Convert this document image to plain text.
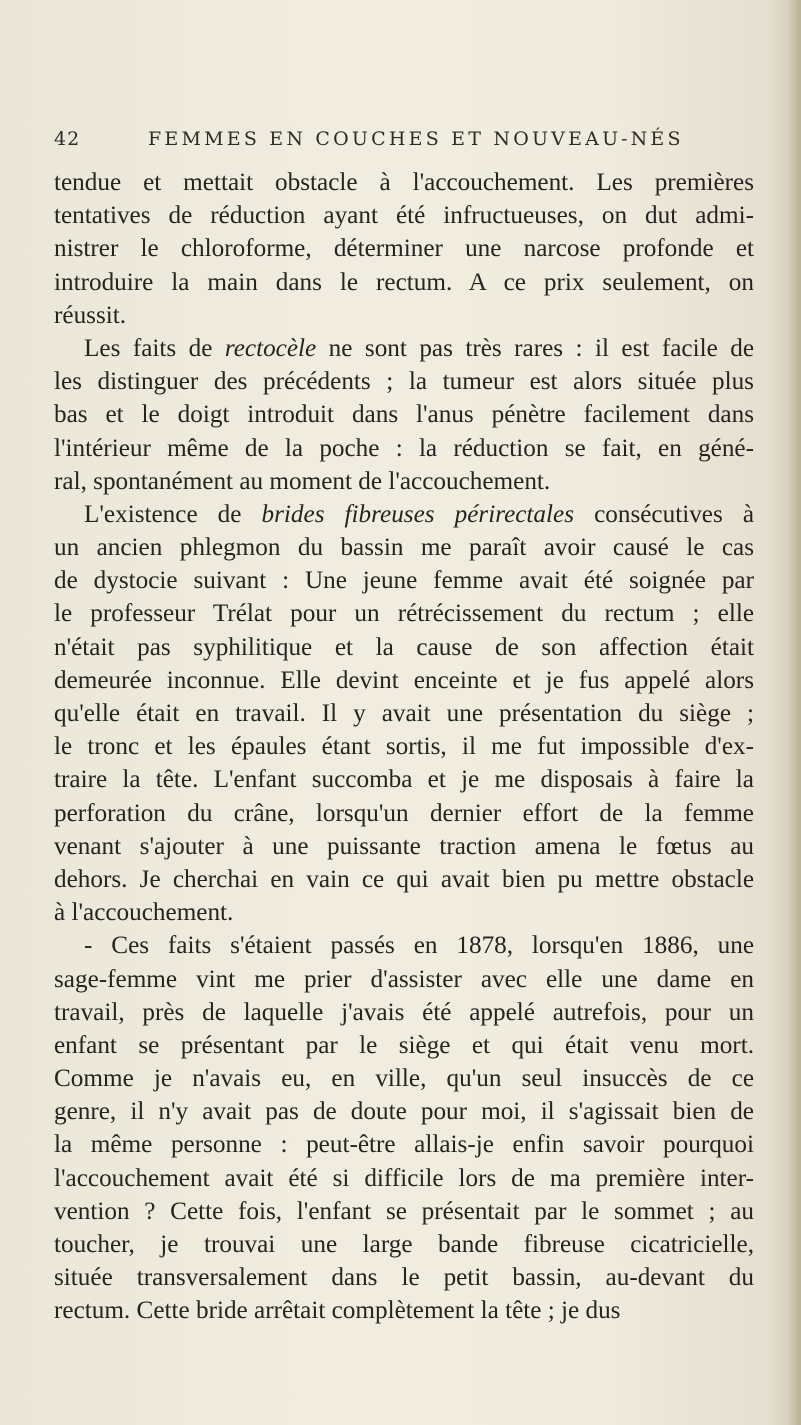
42	FEMMES EN COUCHES ET NOUVEAU-NÉS
tendue et mettait obstacle à l'accouchement. Les premières
tentatives de réduction ayant été infructueuses, on dut admi-
nistrer le chloroforme, déterminer une narcose profonde et
introduire la main dans le rectum. A ce prix seulement, on
réussit.
Les faits de rectocèle ne sont pas très rares : il est facile de
les distinguer des précédents ; la tumeur est alors située plus
bas et le doigt introduit dans l'anus pénètre facilement dans
l'intérieur même de la poche : la réduction se fait, en géné-
ral, spontanément au moment de l'accouchement.
L'existence de brides fibreuses périrectales consécutives à
un ancien phlegmon du bassin me paraît avoir causé le cas
de dystocie suivant : Une jeune femme avait été soignée par
le professeur Trélat pour un rétrécissement du rectum ; elle
n'était pas syphilitique et la cause de son affection était
demeurée inconnue. Elle devint enceinte et je fus appelé alors
qu'elle était en travail. Il y avait une présentation du siège ;
le tronc et les épaules étant sortis, il me fut impossible d'ex-
traire la tête. L'enfant succomba et je me disposais à faire la
perforation du crâne, lorsqu'un dernier effort de la femme
venant s'ajouter à une puissante traction amena le fœtus au
dehors. Je cherchai en vain ce qui avait bien pu mettre obstacle
à l'accouchement.
- Ces faits s'étaient passés en 1878, lorsqu'en 1886, une
sage-femme vint me prier d'assister avec elle une dame en
travail, près de laquelle j'avais été appelé autrefois, pour un
enfant se présentant par le siège et qui était venu mort.
Comme je n'avais eu, en ville, qu'un seul insuccès de ce
genre, il n'y avait pas de doute pour moi, il s'agissait bien de
la même personne : peut-être allais-je enfin savoir pourquoi
l'accouchement avait été si difficile lors de ma première inter-
vention ? Cette fois, l'enfant se présentait par le sommet ; au
toucher, je trouvai une large bande fibreuse cicatricielle,
située transversalement dans le petit bassin, au-devant du
rectum. Cette bride arrêtait complètement la tête ; je dus
